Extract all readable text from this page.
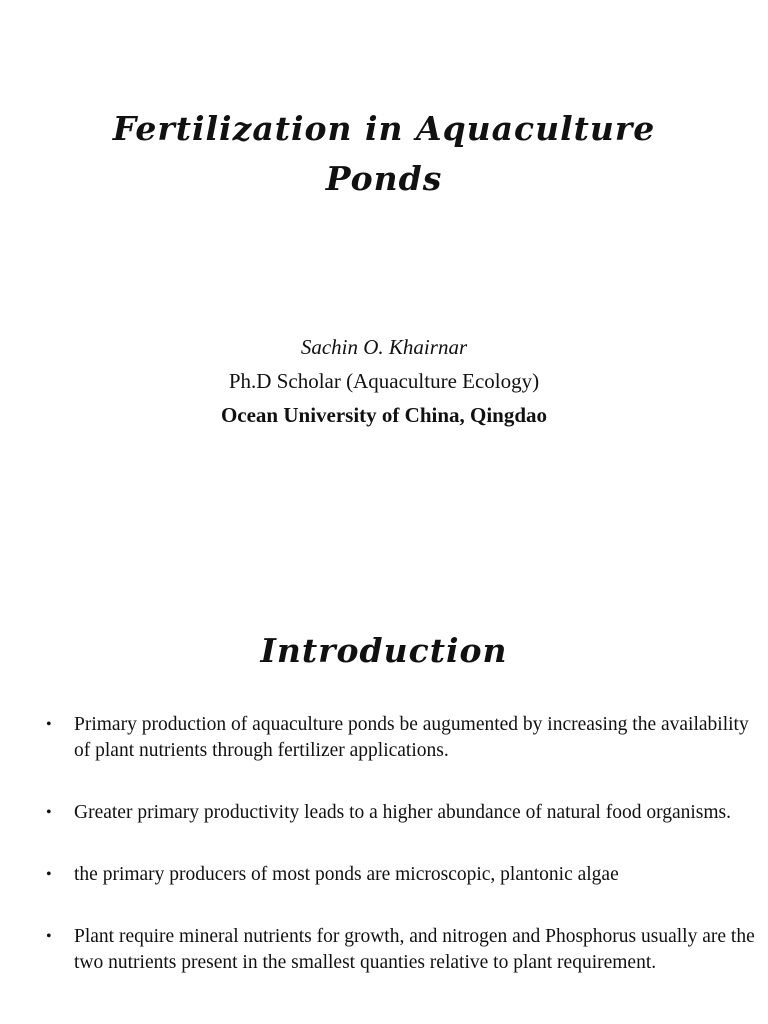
Fertilization in Aquaculture
Ponds
Sachin O. Khairnar
Ph.D Scholar (Aquaculture Ecology)
Ocean University of China, Qingdao
Introduction
• Primary production of aquaculture ponds be augumented by increasing the availability of plant nutrients through fertilizer applications.
• Greater primary productivity leads to a higher abundance of natural food organisms.
• the primary producers of most ponds are microscopic, plantonic algae
• Plant require mineral nutrients for growth, and nitrogen and Phosphorus usually are the two nutrients present in the smallest quanties relative to plant requirement.
